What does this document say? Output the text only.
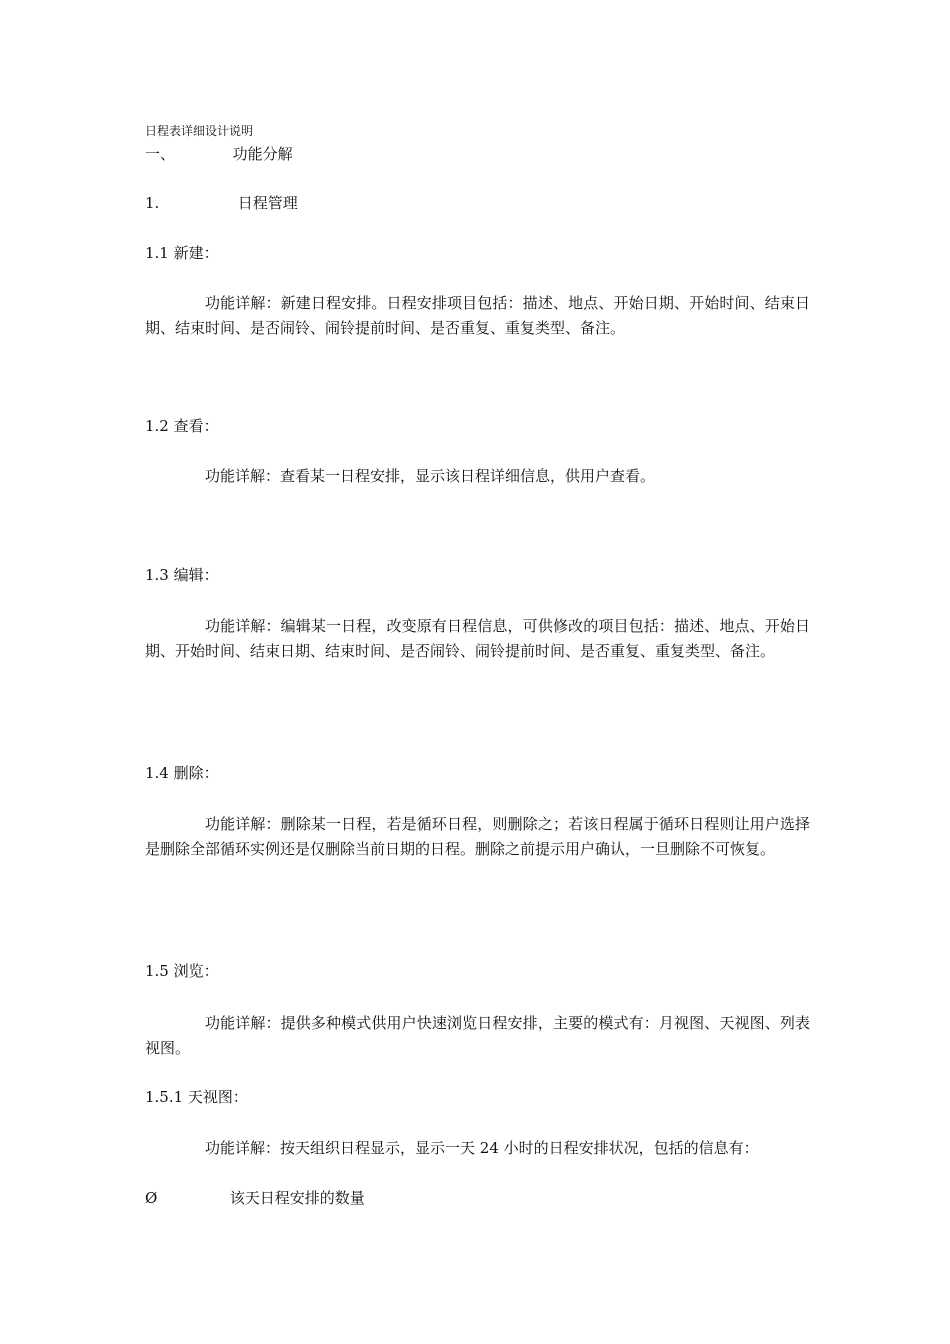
日程表详细设计说明
一、	功能分解
1.	日程管理
1.1 新建：
功能详解：新建日程安排。日程安排项目包括：描述、地点、开始日期、开始时间、结束日期、结束时间、是否闹铃、闹铃提前时间、是否重复、重复类型、备注。
1.2 查看：
功能详解：查看某一日程安排，显示该日程详细信息，供用户查看。
1.3 编辑：
功能详解：编辑某一日程，改变原有日程信息，可供修改的项目包括：描述、地点、开始日期、开始时间、结束日期、结束时间、是否闹铃、闹铃提前时间、是否重复、重复类型、备注。
1.4 删除：
功能详解：删除某一日程，若是循环日程，则删除之；若该日程属于循环日程则让用户选择是删除全部循环实例还是仅删除当前日期的日程。删除之前提示用户确认，一旦删除不可恢复。
1.5 浏览：
功能详解：提供多种模式供用户快速浏览日程安排，主要的模式有：月视图、天视图、列表视图。
1.5.1 天视图：
功能详解：按天组织日程显示，显示一天 24 小时的日程安排状况，包括的信息有：
Ø	该天日程安排的数量
